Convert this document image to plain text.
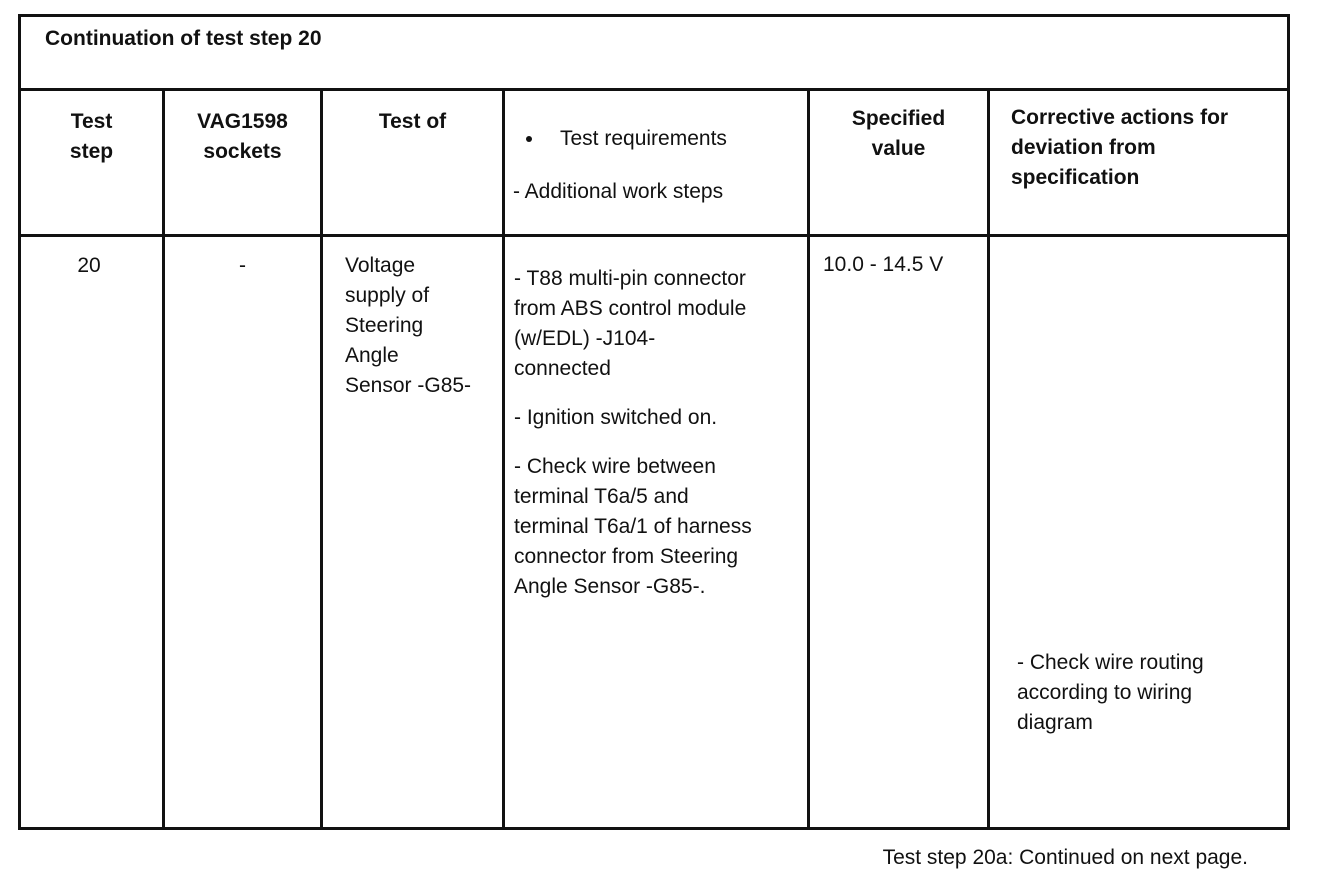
Continuation of test step 20
Test
step
VAG1598
sockets
Test of
Test requirements
- Additional work steps
Specified
value
Corrective actions for
deviation from
specification
20	-	Voltage
supply of
Steering
Angle
Sensor -G85-
- T88 multi-pin connector
from ABS control module
(w/EDL) -J104-
connected
- Ignition switched on.
- Check wire between
terminal T6a/5 and
terminal T6a/1 of harness
connector from Steering
Angle Sensor -G85-.
10.0 - 14.5 V
- Check wire routing
according to wiring
diagram
Test step 20a: Continued on next page.
